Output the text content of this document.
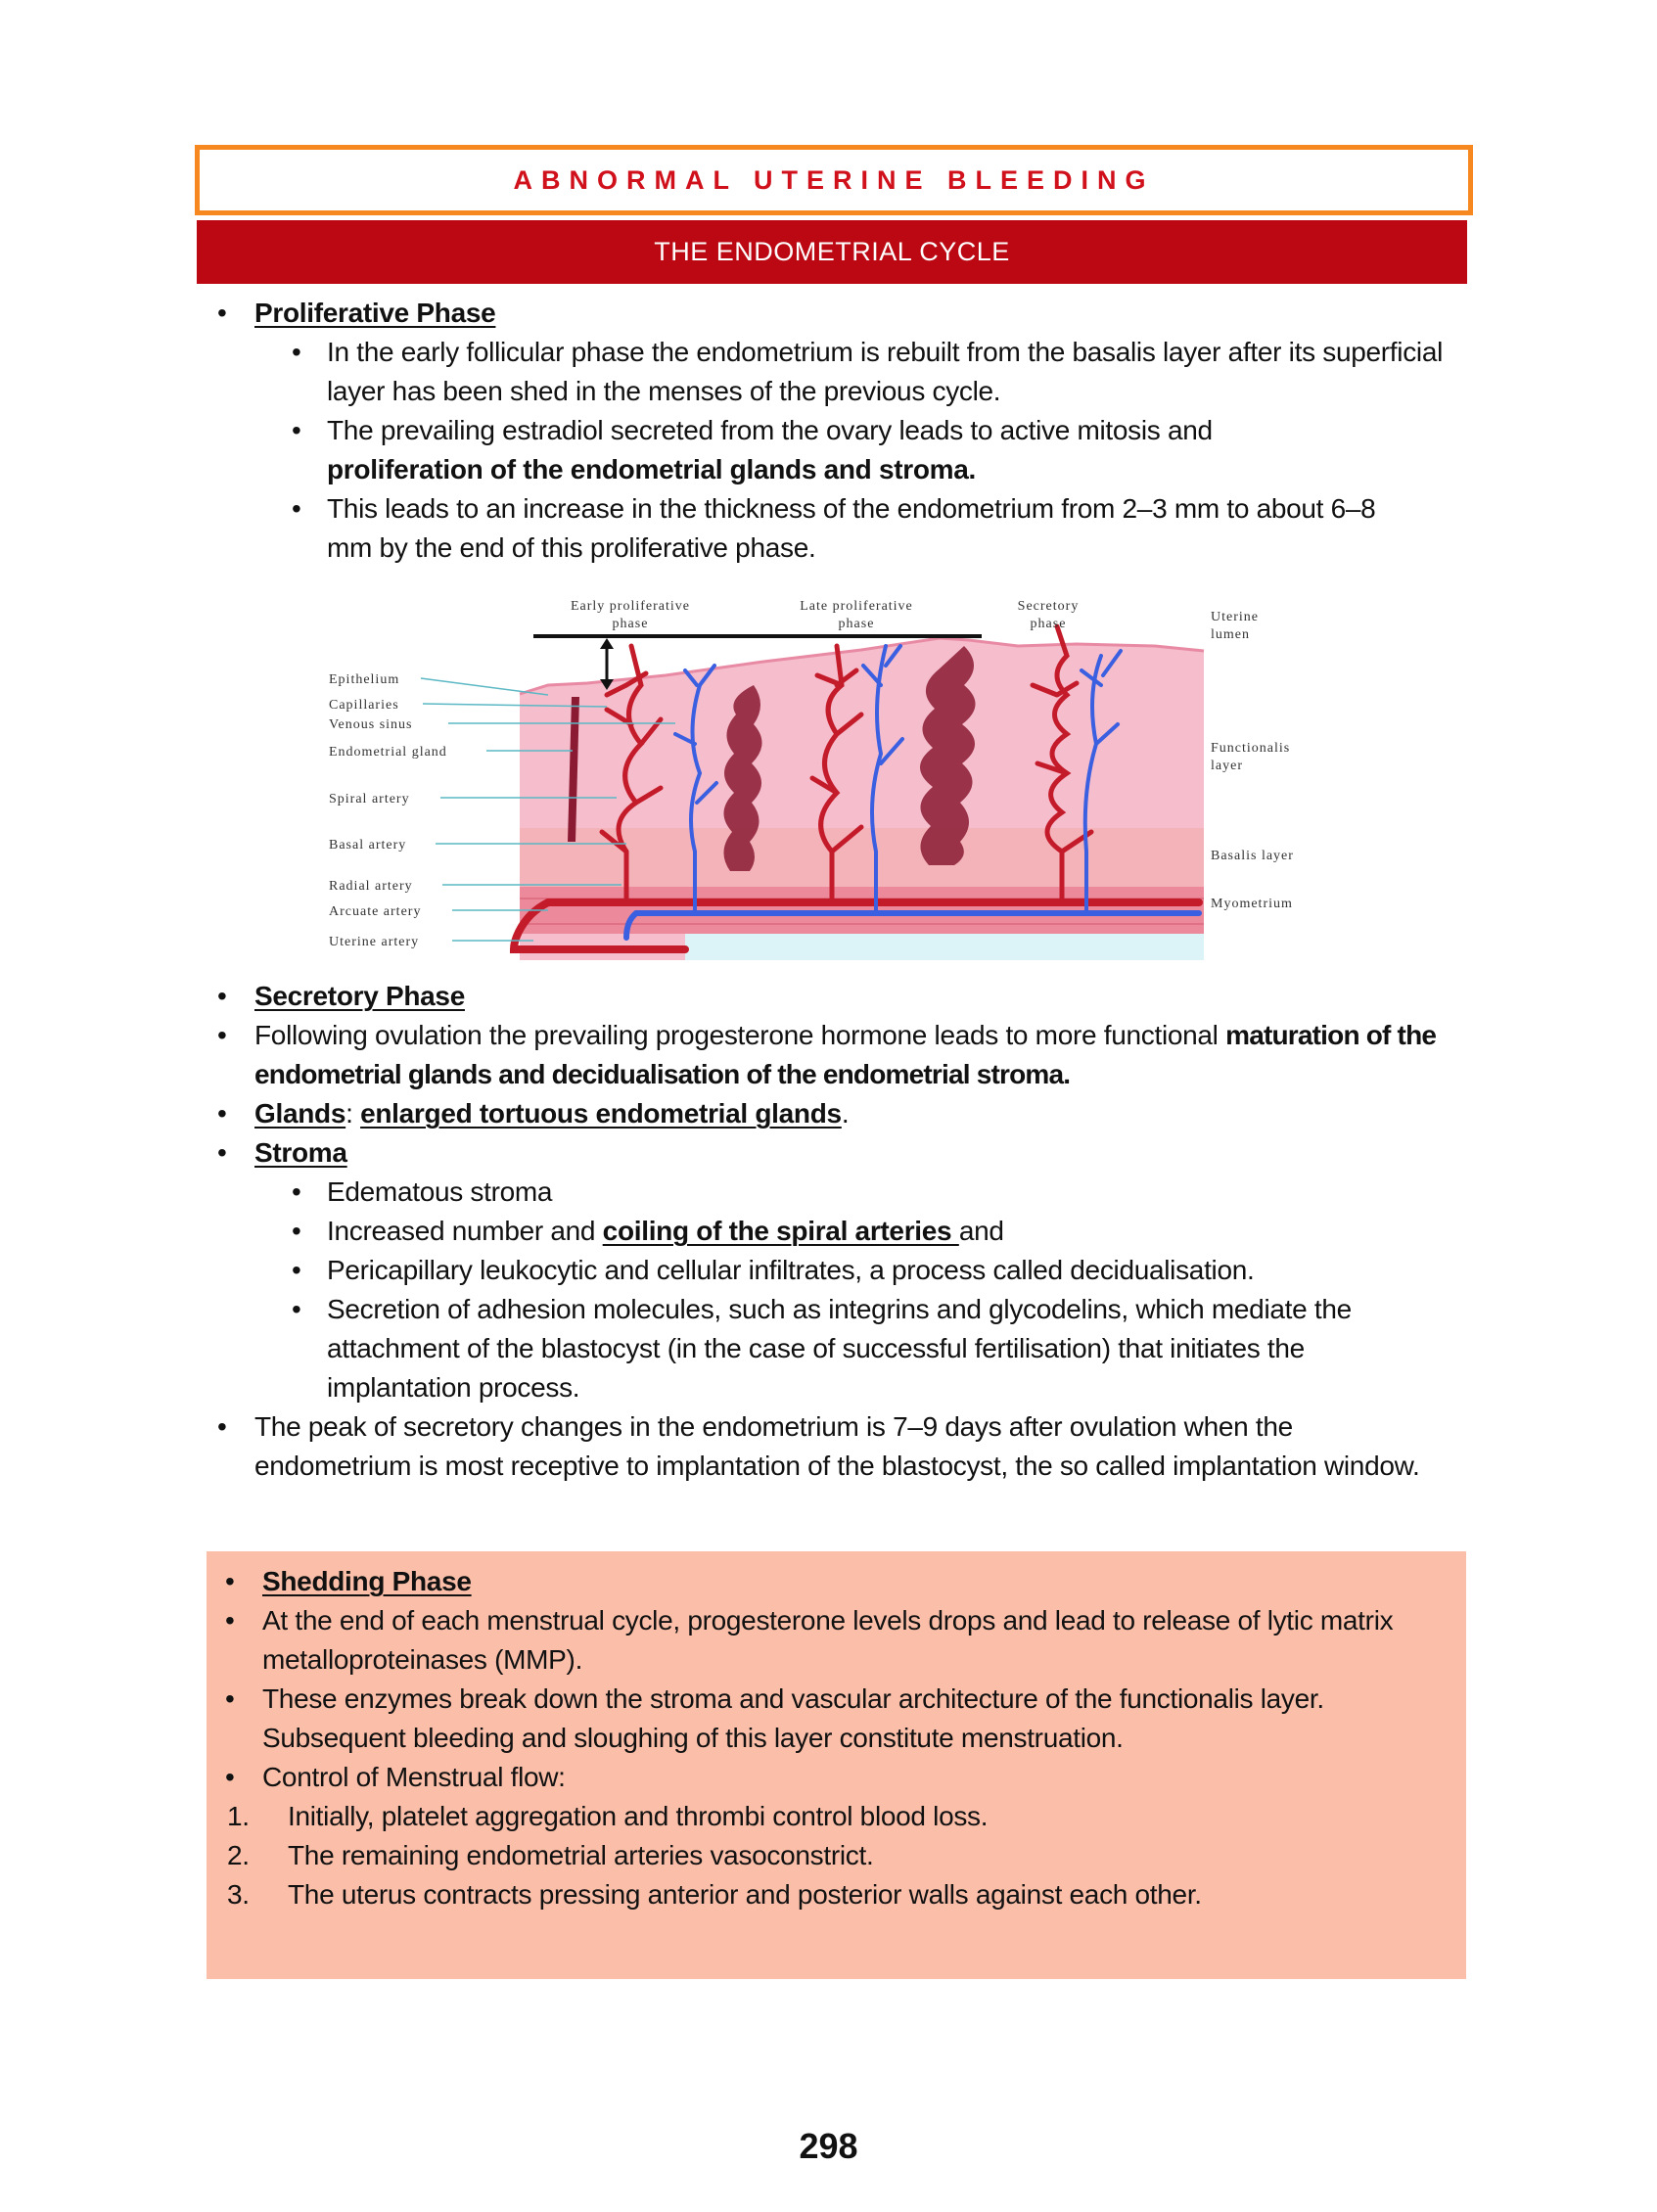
ABNORMAL UTERINE BLEEDING
THE ENDOMETRIAL CYCLE
• Proliferative Phase
• In the early follicular phase the endometrium is rebuilt from the basalis layer after its superficial layer has been shed in the menses of the previous cycle.
• The prevailing estradiol secreted from the ovary leads to active mitosis and proliferation of the endometrial glands and stroma.
• This leads to an increase in the thickness of the endometrium from 2–3 mm to about 6–8 mm by the end of this proliferative phase.
Early proliferative
phase
Late proliferative
phase
Secretory
phase
Epithelium
Capillaries
Venous sinus
Endometrial gland
Spiral artery
Basal artery
Radial artery
Arcuate artery
Uterine artery
Uterine
lumen
Functionalis
layer
Basalis layer
Myometrium
• Secretory Phase
• Following ovulation the prevailing progesterone hormone leads to more functional maturation of the endometrial glands and decidualisation of the endometrial stroma.
• Glands: enlarged tortuous endometrial glands.
• Stroma
• Edematous stroma
• Increased number and coiling of the spiral arteries and
• Pericapillary leukocytic and cellular infiltrates, a process called decidualisation.
• Secretion of adhesion molecules, such as integrins and glycodelins, which mediate the attachment of the blastocyst (in the case of successful fertilisation) that initiates the implantation process.
• The peak of secretory changes in the endometrium is 7–9 days after ovulation when the endometrium is most receptive to implantation of the blastocyst, the so called implantation window.
• Shedding Phase
• At the end of each menstrual cycle, progesterone levels drops and lead to release of lytic matrix metalloproteinases (MMP).
• These enzymes break down the stroma and vascular architecture of the functionalis layer. Subsequent bleeding and sloughing of this layer constitute menstruation.
• Control of Menstrual flow:
1. Initially, platelet aggregation and thrombi control blood loss.
2. The remaining endometrial arteries vasoconstrict.
3. The uterus contracts pressing anterior and posterior walls against each other.
298
